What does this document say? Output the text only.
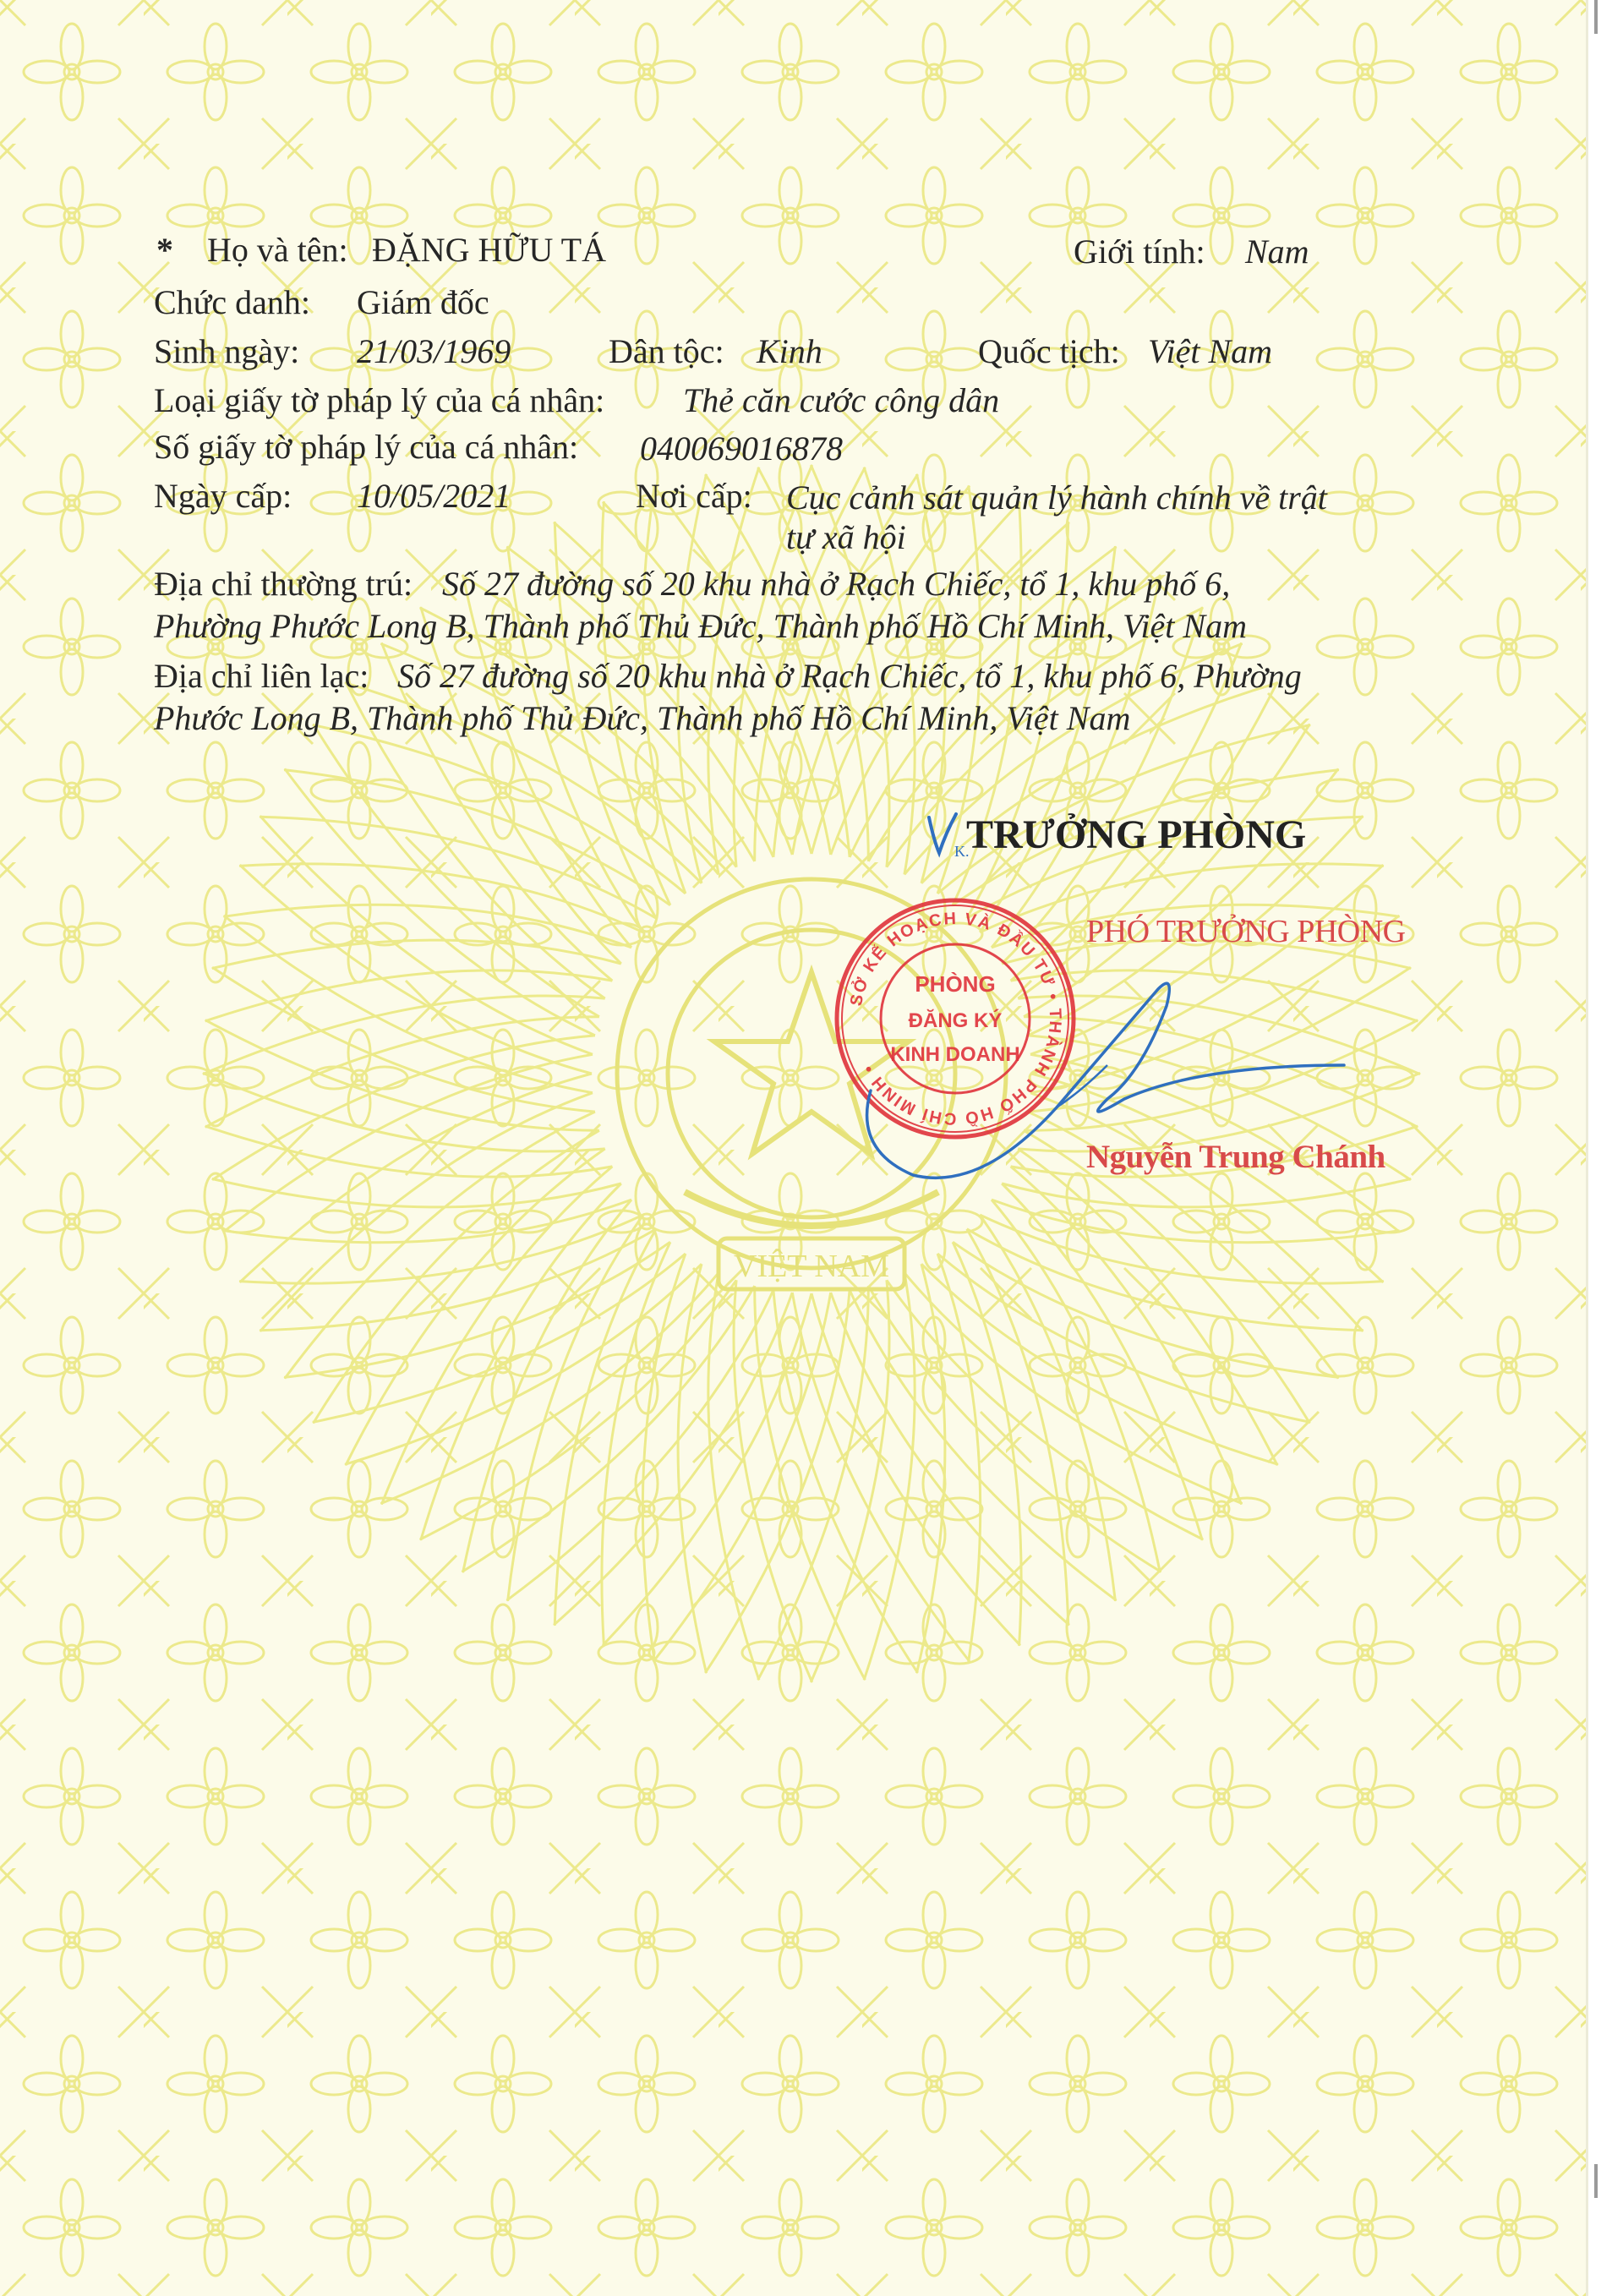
VIỆT NAM
* Họ và tên: ĐẶNG HỮU TÁ	Giới tính: Nam
Chức danh: Giám đốc
Sinh ngày: 21/03/1969	Dân tộc: Kinh	Quốc tịch: Việt Nam
Loại giấy tờ pháp lý của cá nhân: Thẻ căn cước công dân
Số giấy tờ pháp lý của cá nhân: 040069016878
Ngày cấp: 10/05/2021	Nơi cấp: Cục cảnh sát quản lý hành chính về trật
tự xã hội
Địa chỉ thường trú: Số 27 đường số 20 khu nhà ở Rạch Chiếc, tổ 1, khu phố 6,
Phường Phước Long B, Thành phố Thủ Đức, Thành phố Hồ Chí Minh, Việt Nam
Địa chỉ liên lạc: Số 27 đường số 20 khu nhà ở Rạch Chiếc, tổ 1, khu phố 6, Phường
Phước Long B, Thành phố Thủ Đức, Thành phố Hồ Chí Minh, Việt Nam
TRƯỞNG PHÒNG
PHÓ TRƯỞNG PHÒNG
Nguyễn Trung Chánh
K.
SỞ KẾ HOẠCH VÀ ĐẦU TƯ • THÀNH PHỐ HỒ CHÍ MINH •
PHÒNG
ĐĂNG KÝ
KINH DOANH
